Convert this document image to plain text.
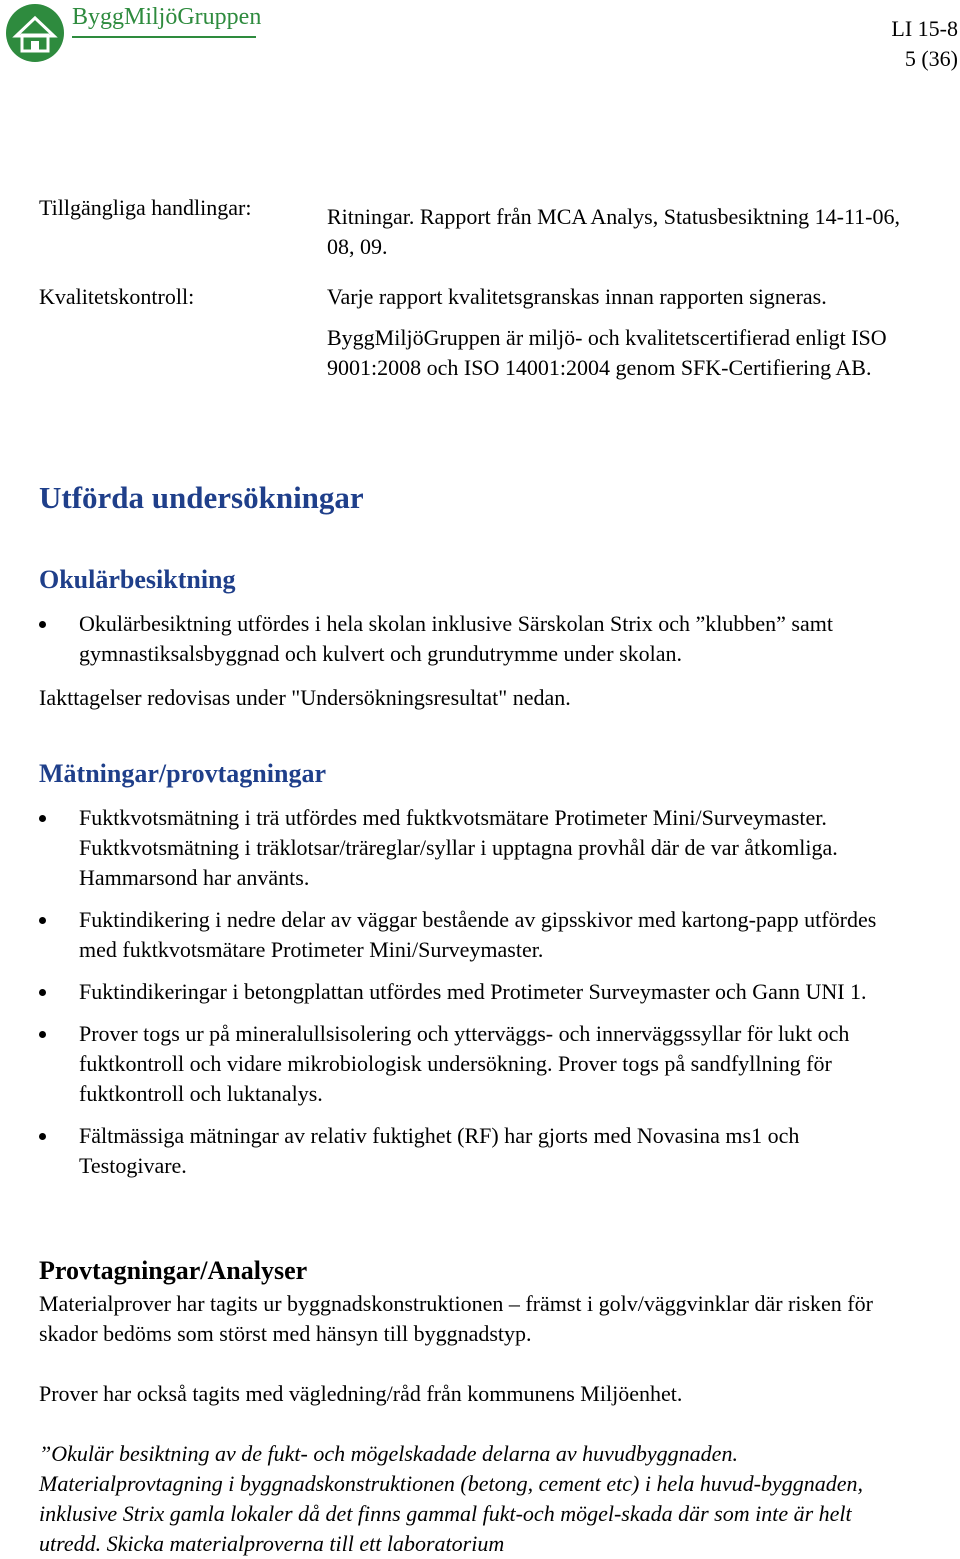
ByggMiljöGruppen	LI 15-8
5 (36)
Tillgängliga handlingar:	Ritningar. Rapport från MCA Analys, Statusbesiktning 14-11-06, 08, 09.
Kvalitetskontroll:	Varje rapport kvalitetsgranskas innan rapporten signeras.
ByggMiljöGruppen är miljö- och kvalitetscertifierad enligt ISO 9001:2008 och ISO 14001:2004 genom SFK-Certifiering AB.
Utförda undersökningar
Okulärbesiktning
Okulärbesiktning utfördes i hela skolan inklusive Särskolan Strix och ”klubben” samt gymnastiksalsbyggnad och kulvert och grundutrymme under skolan.
Iakttagelser redovisas under "Undersökningsresultat" nedan.
Mätningar/provtagningar
Fuktkvotsmätning i trä utfördes med fuktkvotsmätare Protimeter Mini/Surveymaster. Fuktkvotsmätning i träklotsar/träreglar/syllar i upptagna provhål där de var åtkomliga. Hammarsond har använts.
Fuktindikering i nedre delar av väggar bestående av gipsskivor med kartong-papp utfördes med fuktkvotsmätare Protimeter Mini/Surveymaster.
Fuktindikeringar i betongplattan utfördes med Protimeter Surveymaster och Gann UNI 1.
Prover togs ur på mineralullsisolering och ytterväggs- och innerväggssyllar för lukt och fuktkontroll och vidare mikrobiologisk undersökning. Prover togs på sandfyllning för fuktkontroll och luktanalys.
Fältmässiga mätningar av relativ fuktighet (RF) har gjorts med Novasina ms1 och Testogivare.
Provtagningar/Analyser
Materialprover har tagits ur byggnadskonstruktionen – främst i golv/väggvinklar där risken för skador bedöms som störst med hänsyn till byggnadstyp.
Prover har också tagits med vägledning/råd från kommunens Miljöenhet.
”Okulär besiktning av de fukt- och mögelskadade delarna av huvudbyggnaden. Materialprovtagning i byggnadskonstruktionen (betong, cement etc) i hela huvud-byggnaden, inklusive Strix gamla lokaler då det finns gammal fukt-och mögel-skada där som inte är helt utredd. Skicka materialproverna till ett laboratorium
